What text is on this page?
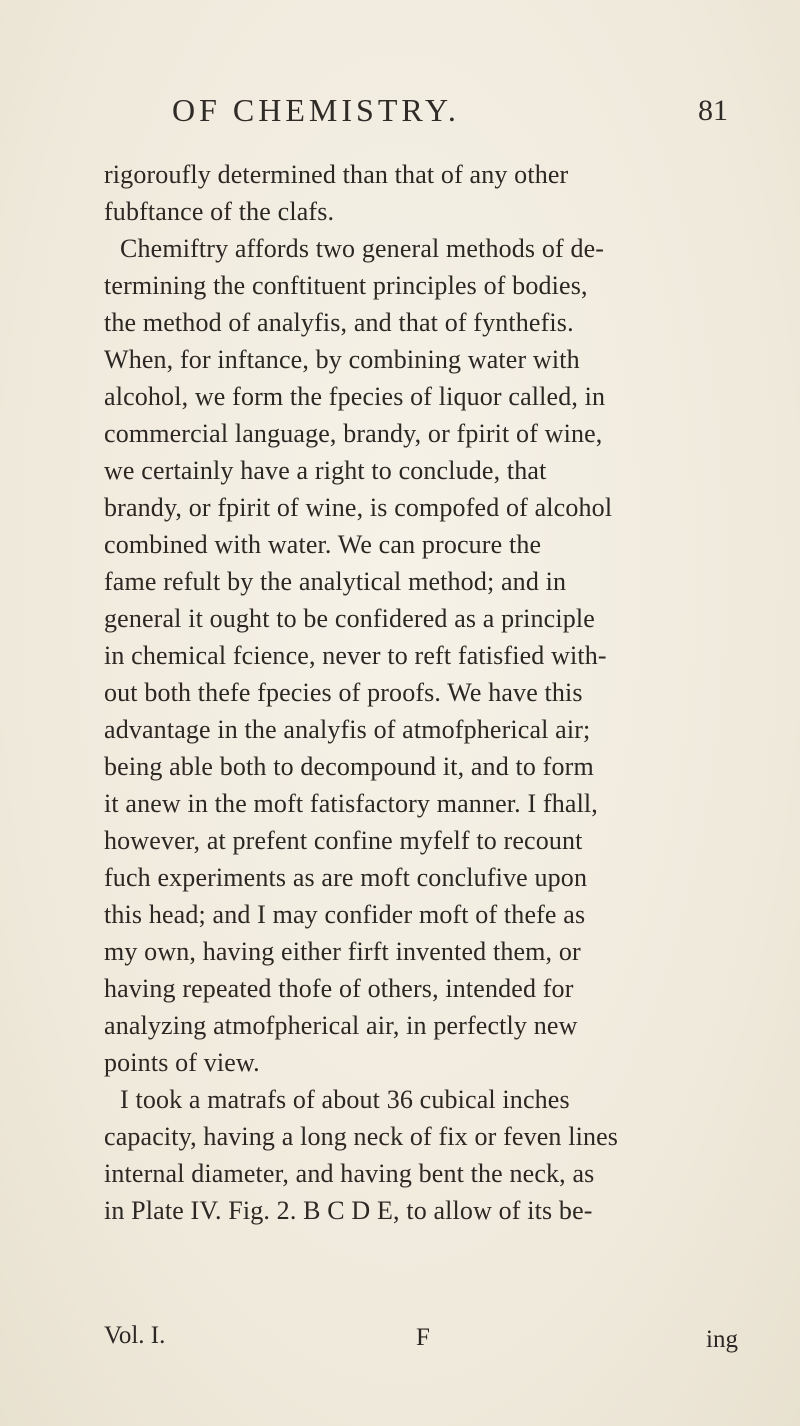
OF CHEMISTRY.	81
rigoroufly determined than that of any other
fubftance of the clafs.
Chemiftry affords two general methods of de-
termining the conftituent principles of bodies,
the method of analyfis, and that of fynthefis.
When, for inftance, by combining water with
alcohol, we form the fpecies of liquor called, in
commercial language, brandy, or fpirit of wine,
we certainly have a right to conclude, that
brandy, or fpirit of wine, is compofed of alcohol
combined with water. We can procure the
fame refult by the analytical method; and in
general it ought to be confidered as a principle
in chemical fcience, never to reft fatisfied with-
out both thefe fpecies of proofs. We have this
advantage in the analyfis of atmofpherical air;
being able both to decompound it, and to form
it anew in the moft fatisfactory manner. I fhall,
however, at prefent confine myfelf to recount
fuch experiments as are moft conclufive upon
this head; and I may confider moft of thefe as
my own, having either firft invented them, or
having repeated thofe of others, intended for
analyzing atmofpherical air, in perfectly new
points of view.
I took a matrafs of about 36 cubical inches
capacity, having a long neck of fix or feven lines
internal diameter, and having bent the neck, as
in Plate IV. Fig. 2. B C D E, to allow of its be-
Vol. I.	F	ing
